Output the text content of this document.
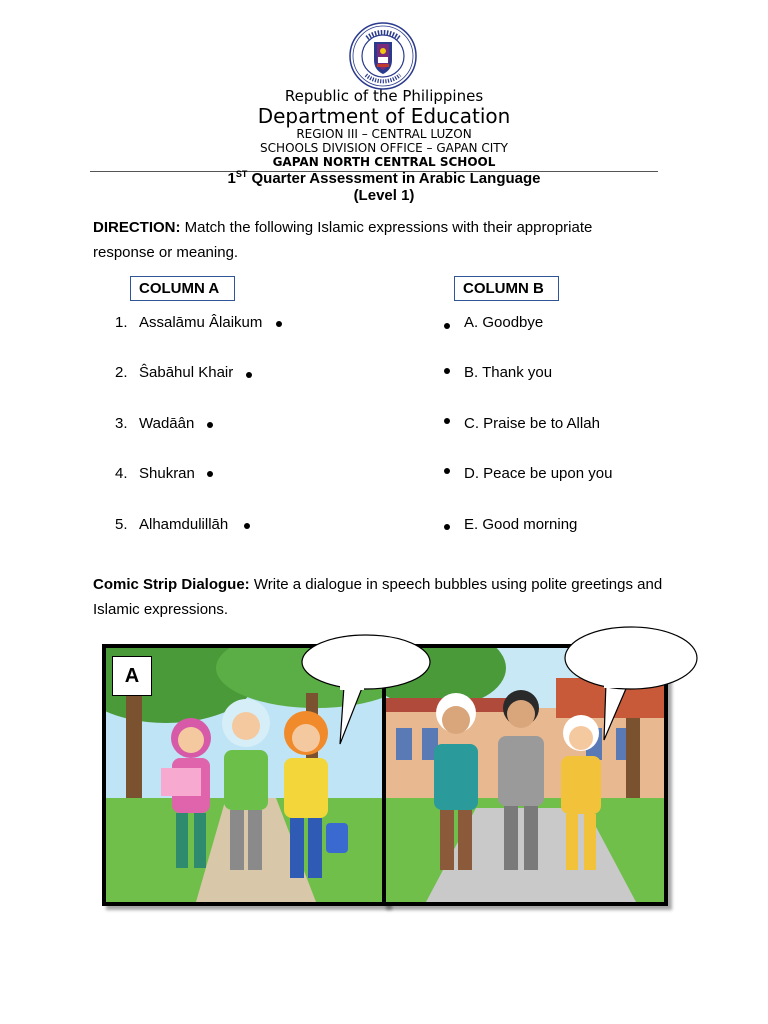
Republic of the Philippines
Department of Education
REGION III – CENTRAL LUZON
SCHOOLS DIVISION OFFICE – GAPAN CITY
GAPAN NORTH CENTRAL SCHOOL
1ST Quarter Assessment in Arabic Language
(Level 1)
DIRECTION: Match the following Islamic expressions with their appropriate response or meaning.
COLUMN A	COLUMN B
1. Assalāmu Âlaikum
2. Ŝabāhul Khair
3. Wadāân
4. Shukran
5. Alhamdulillāh
A. Goodbye
B. Thank you
C. Praise be to Allah
D. Peace be upon you
E. Good morning
Comic Strip Dialogue: Write a dialogue in speech bubbles using polite greetings and Islamic expressions.
A
